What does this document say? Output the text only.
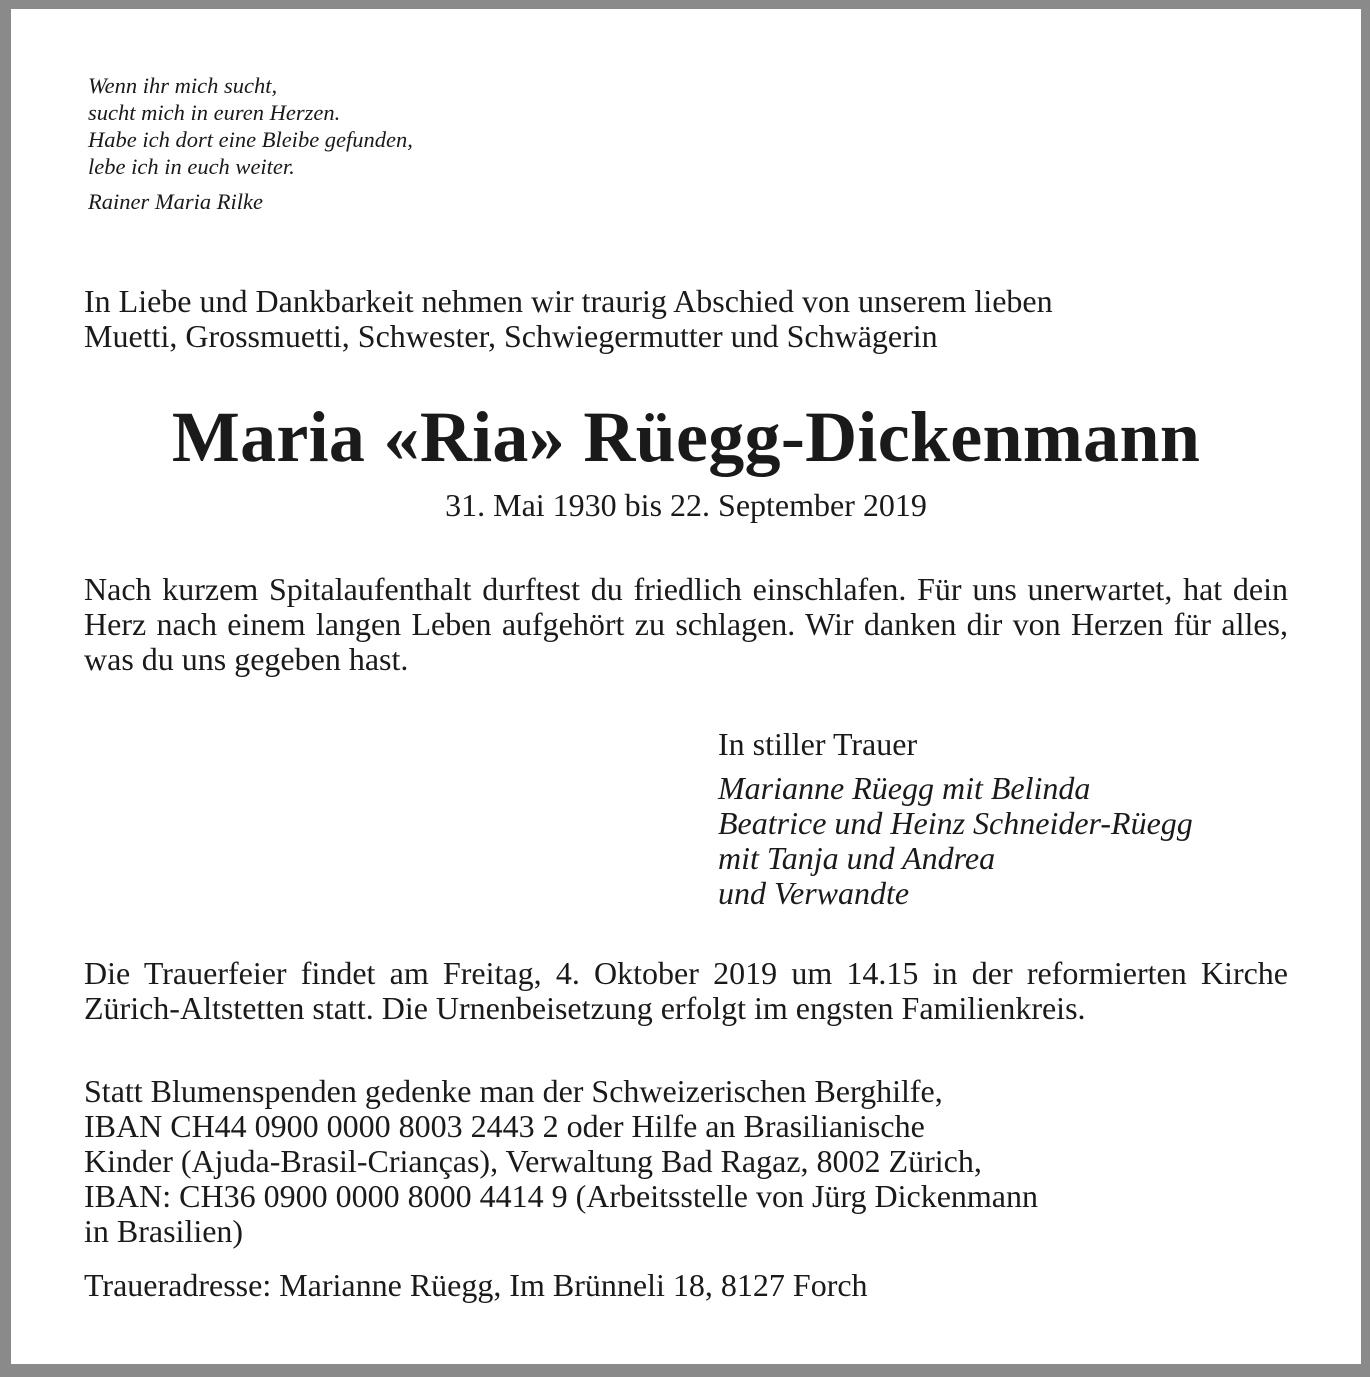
Wenn ihr mich sucht,
sucht mich in euren Herzen.
Habe ich dort eine Bleibe gefunden,
lebe ich in euch weiter.
Rainer Maria Rilke
In Liebe und Dankbarkeit nehmen wir traurig Abschied von unserem lieben
Muetti, Grossmuetti, Schwester, Schwiegermutter und Schwägerin
Maria «Ria» Rüegg-Dickenmann
31. Mai 1930 bis 22. September 2019
Nach kurzem Spitalaufenthalt durftest du friedlich einschlafen. Für uns unerwartet, hat dein Herz nach einem langen Leben aufgehört zu schlagen. Wir danken dir von Herzen für alles, was du uns gegeben hast.
In stiller Trauer
Marianne Rüegg mit Belinda
Beatrice und Heinz Schneider-Rüegg
mit Tanja und Andrea
und Verwandte
Die Trauerfeier findet am Freitag, 4. Oktober 2019 um 14.15 in der reformierten Kirche Zürich-Altstetten statt. Die Urnenbeisetzung erfolgt im engsten Familienkreis.
Statt Blumenspenden gedenke man der Schweizerischen Berghilfe,
IBAN CH44 0900 0000 8003 2443 2 oder Hilfe an Brasilianische
Kinder (Ajuda-Brasil-Crianças), Verwaltung Bad Ragaz, 8002 Zürich,
IBAN: CH36 0900 0000 8000 4414 9 (Arbeitsstelle von Jürg Dickenmann
in Brasilien)
Traueradresse: Marianne Rüegg, Im Brünneli 18, 8127 Forch
